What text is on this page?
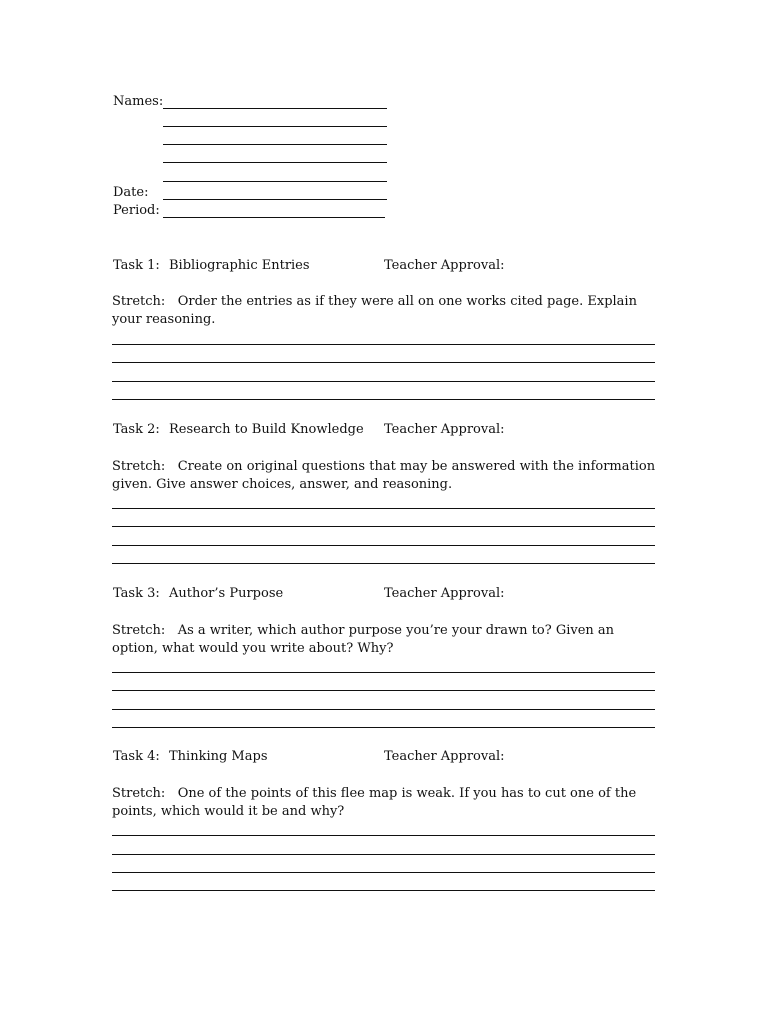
Names:
Date:
Period:
Task 1: Bibliographic Entries	Teacher Approval:
Stretch: Order the entries as if they were all on one works cited page. Explain your reasoning.
Task 2: Research to Build Knowledge Teacher Approval:
Stretch: Create on original questions that may be answered with the information given. Give answer choices, answer, and reasoning.
Task 3: Author’s Purpose	Teacher Approval:
Stretch: As a writer, which author purpose you’re your drawn to? Given an option, what would you write about? Why?
Task 4: Thinking Maps	Teacher Approval:
Stretch: One of the points of this flee map is weak. If you has to cut one of the points, which would it be and why?
